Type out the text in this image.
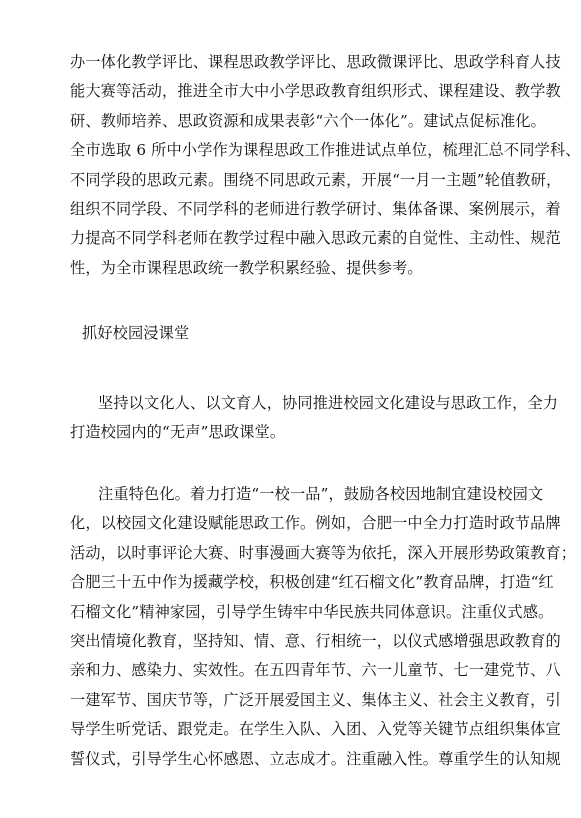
办一体化教学评比、课程思政教学评比、思政微课评比、思政学科育人技
能大赛等活动，推进全市大中小学思政教育组织形式、课程建设、教学教
研、教师培养、思政资源和成果表彰“六个一体化”。建试点促标准化。
全市选取 6 所中小学作为课程思政工作推进试点单位，梳理汇总不同学科、
不同学段的思政元素。围绕不同思政元素，开展“一月一主题”轮值教研，
组织不同学段、不同学科的老师进行教学研讨、集体备课、案例展示，着
力提高不同学科老师在教学过程中融入思政元素的自觉性、主动性、规范
性，为全市课程思政统一教学积累经验、提供参考。
抓好校园浸课堂
坚持以文化人、以文育人，协同推进校园文化建设与思政工作，全力
打造校园内的“无声”思政课堂。
注重特色化。着力打造“一校一品”，鼓励各校因地制宜建设校园文
化，以校园文化建设赋能思政工作。例如，合肥一中全力打造时政节品牌
活动，以时事评论大赛、时事漫画大赛等为依托，深入开展形势政策教育；
合肥三十五中作为援藏学校，积极创建“红石榴文化”教育品牌，打造“红
石榴文化”精神家园，引导学生铸牢中华民族共同体意识。注重仪式感。
突出情境化教育，坚持知、情、意、行相统一，以仪式感增强思政教育的
亲和力、感染力、实效性。在五四青年节、六一儿童节、七一建党节、八
一建军节、国庆节等，广泛开展爱国主义、集体主义、社会主义教育，引
导学生听党话、跟党走。在学生入队、入团、入党等关键节点组织集体宣
誓仪式，引导学生心怀感恩、立志成才。注重融入性。尊重学生的认知规
